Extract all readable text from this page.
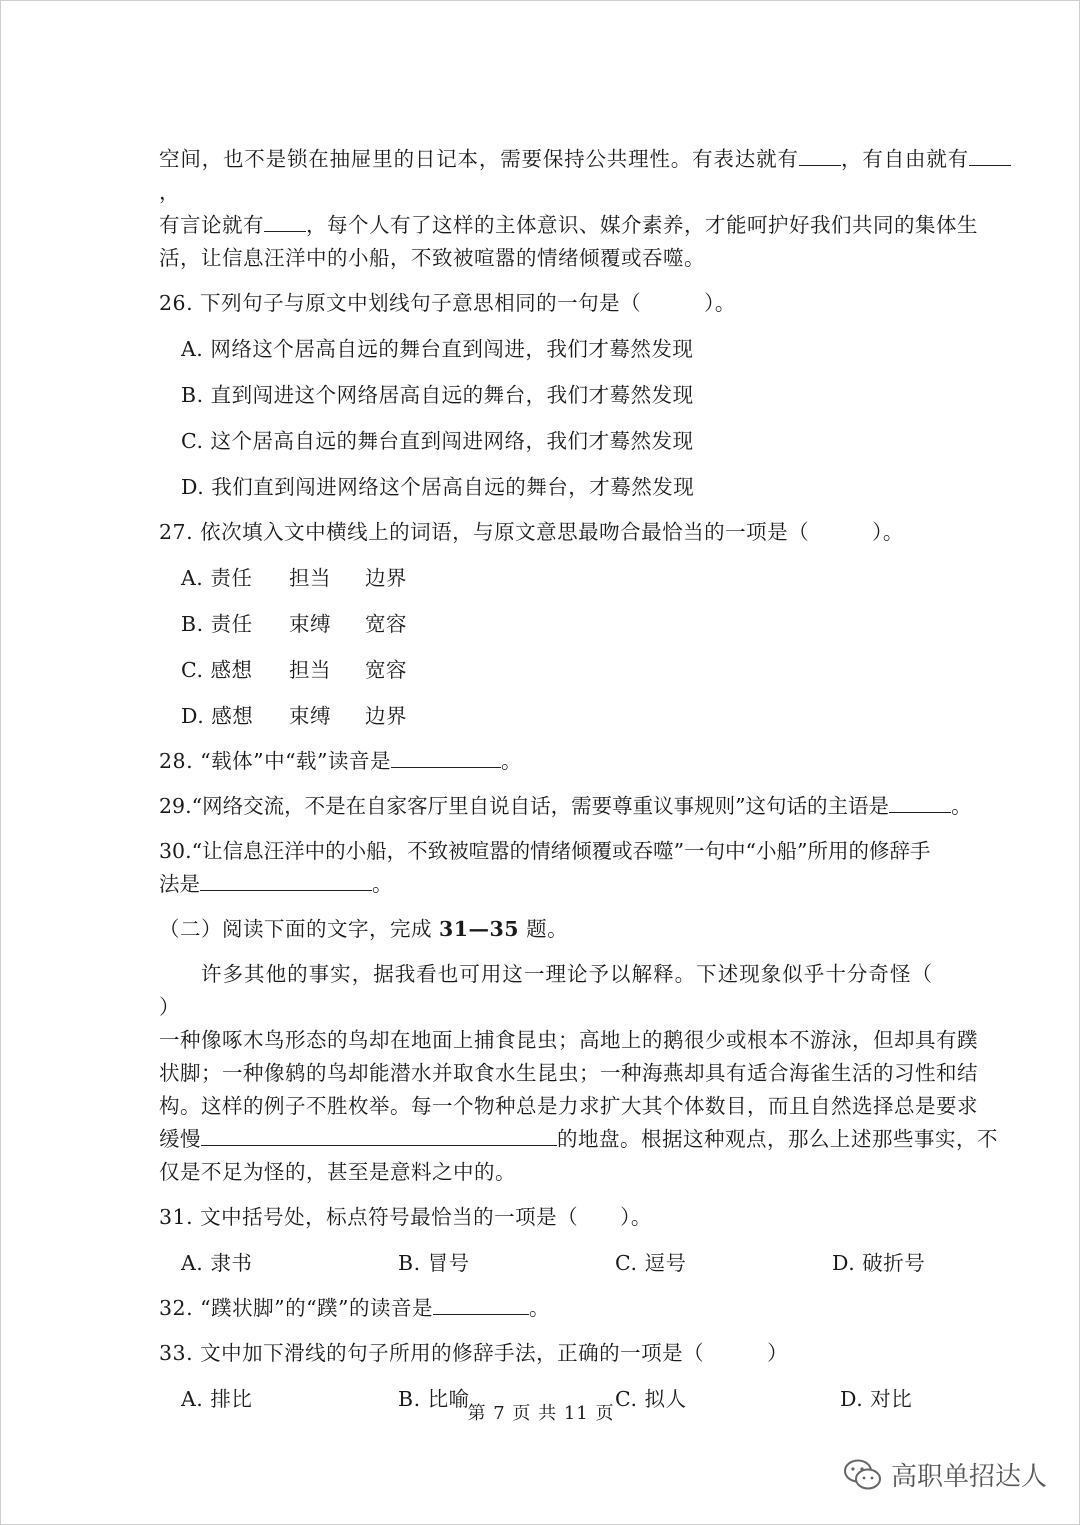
空间，也不是锁在抽屉里的日记本，需要保持公共理性。有表达就有 ，有自由就有，
有言论就有 ，每个人有了这样的主体意识、媒介素养，才能呵护好我们共同的集体生
活，让信息汪洋中的小船，不致被喧嚣的情绪倾覆或吞噬。

26. 下列句子与原文中划线句子意思相同的一句是（　　　）。
A. 网络这个居高自远的舞台直到闯进，我们才蓦然发现
B. 直到闯进这个网络居高自远的舞台，我们才蓦然发现
C. 这个居高自远的舞台直到闯进网络，我们才蓦然发现
D. 我们直到闯进网络这个居高自远的舞台，才蓦然发现
27. 依次填入文中横线上的词语，与原文意思最吻合最恰当的一项是（　　　）。
A. 责任 担当 边界
B. 责任 束缚 宽容
C. 感想 担当 宽容
D. 感想 束缚 边界
28. “载体”中“载”读音是	。
29.“网络交流，不是在自家客厅里自说自话，需要尊重议事规则”这句话的主语是	。
30.“让信息汪洋中的小船，不致被喧嚣的情绪倾覆或吞噬”一句中“小船”所用的修辞手
法是	。
（二）阅读下面的文字，完成 31—35 题。

许多其他的事实，据我看也可用这一理论予以解释。下述现象似乎十分奇怪（）
一种像啄木鸟形态的鸟却在地面上捕食昆虫；高地上的鹅很少或根本不游泳，但却具有蹼
状脚；一种像鸫的鸟却能潜水并取食水生昆虫；一种海燕却具有适合海雀生活的习性和结
构。这样的例子不胜枚举。每一个物种总是力求扩大其个体数目，而且自然选择总是要求
缓慢	的地盘。根据这种观点，那么上述那些事实，不
仅是不足为怪的，甚至是意料之中的。

31. 文中括号处，标点符号最恰当的一项是（　　）。
A. 隶书	B. 冒号	C. 逗号	D. 破折号
32. “蹼状脚”的“蹼”的读音是	。
33. 文中加下滑线的句子所用的修辞手法，正确的一项是（　　　）
A. 排比	B. 比喻	C. 拟人	D. 对比
第 7 页 共 11 页
高职单招达人
